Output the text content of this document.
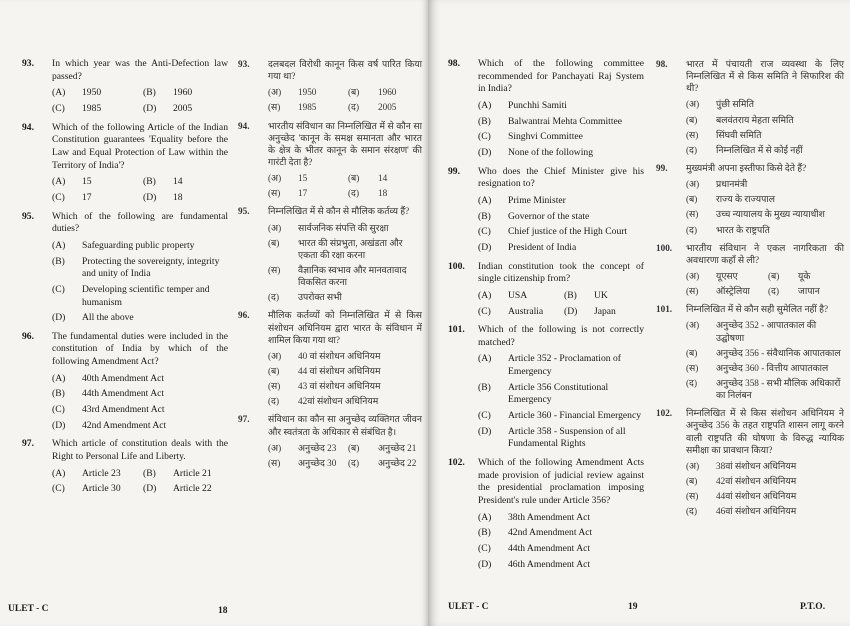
93.	In which year was the Anti-Defection law passed?
(A)	1950	(B)	1960
(C)	1985	(D)	2005
94.	Which of the following Article of the Indian Constitution guarantees 'Equality before the Law and Equal Protection of Law within the Territory of India'?
(A)	15	(B)	14
(C)	17	(D)	18
95.	Which of the following are fundamental duties?
(A)	Safeguarding public property
(B)	Protecting the sovereignty, integrity and unity of India
(C)	Developing scientific temper and humanism
(D)	All the above
96.	The fundamental duties were included in the constitution of India by which of the following Amendment Act?
(A)	40th Amendment Act
(B)	44th Amendment Act
(C)	43rd Amendment Act
(D)	42nd Amendment Act
97.	Which article of constitution deals with the Right to Personal Life and Liberty.
(A)	Article 23 (B)	Article 21
(C)	Article 30 (D)	Article 22
93.	दलबदल विरोधी कानून किस वर्ष पारित किया गया था?
(अ)	1950	(ब)	1960
(स)	1985	(द)	2005
94.	भारतीय संविधान का निम्नलिखित में से कौन सा अनुच्छेद 'कानून के समक्ष समानता और भारत के क्षेत्र के भीतर कानून के समान संरक्षण' की गारंटी देता है?
(अ)	15	(ब)	14
(स)	17	(द)	18
95.	निम्नलिखित में से कौन से मौलिक कर्तव्य हैं?
(अ)	सार्वजनिक संपत्ति की सुरक्षा
(ब)	भारत की संप्रभुता, अखंडता और एकता की रक्षा करना
(स)	वैज्ञानिक स्वभाव और मानवतावाद विकसित करना
(द)	उपरोक्त सभी
96.	मौलिक कर्तव्यों को निम्नलिखित में से किस संशोधन अधिनियम द्वारा भारत के संविधान में शामिल किया गया था?
(अ)	40 वां संशोधन अधिनियम
(ब)	44 वां संशोधन अधिनियम
(स)	43 वां संशोधन अधिनियम
(द)	42वां संशोधन अधिनियम
97.	संविधान का कौन सा अनुच्छेद व्यक्तिगत जीवन और स्वतंत्रता के अधिकार से संबंधित है।
(अ)	अनुच्छेद 23 (ब)	अनुच्छेद 21
(स)	अनुच्छेद 30 (द)	अनुच्छेद 22
ULET - C	18
98.	Which of the following committee recommended for Panchayati Raj System in India?
(A)	Punchhi Samiti
(B)	Balwantrai Mehta Committee
(C)	Singhvi Committee
(D)	None of the following
99.	Who does the Chief Minister give his resignation to?
(A)	Prime Minister
(B)	Governor of the state
(C)	Chief justice of the High Court
(D)	President of India
100.	Indian constitution took the concept of single citizenship from?
(A)	USA	(B)	UK
(C)	Australia (D)	Japan
101.	Which of the following is not correctly matched?
(A)	Article 352 - Proclamation of Emergency
(B)	Article 356 Constitutional Emergency
(C)	Article 360 - Financial Emergency
(D)	Article 358 - Suspension of all Fundamental Rights
102.	Which of the following Amendment Acts made provision of judicial review against the presidential proclamation imposing President's rule under Article 356?
(A)	38th Amendment Act
(B)	42nd Amendment Act
(C)	44th Amendment Act
(D)	46th Amendment Act
98.	भारत में पंचायती राज व्यवस्था के लिए निम्नलिखित में से किस समिति ने सिफारिश की थी?
(अ)	पुंछी समिति
(ब)	बलवंतराय मेहता समिति
(स)	सिंघवी समिति
(द)	निम्नलिखित में से कोई नहीं
99.	मुख्यमंत्री अपना इस्तीफा किसे देते हैं?
(अ)	प्रधानमंत्री
(ब)	राज्य के राज्यपाल
(स)	उच्च न्यायालय के मुख्य न्यायाधीश
(द)	भारत के राष्ट्रपति
100.	भारतीय संविधान ने एकल नागरिकता की अवधारणा कहाँ से ली?
(अ)	यूएसए	(ब)	यूके
(स)	ऑस्ट्रेलिया (द)	जापान
101.	निम्नलिखित में से कौन सही सुमेलित नहीं है?
(अ)	अनुच्छेद 352 - आपातकाल की उद्घोषणा
(ब)	अनुच्छेद 356 - संवैधानिक आपातकाल
(स)	अनुच्छेद 360 - वित्तीय आपातकाल
(द)	अनुच्छेद 358 - सभी मौलिक अधिकारों का निलंबन
102.	निम्नलिखित में से किस संशोधन अधिनियम ने अनुच्छेद 356 के तहत राष्ट्रपति शासन लागू करने वाली राष्ट्रपति की घोषणा के विरुद्ध न्यायिक समीक्षा का प्रावधान किया?
(अ)	38वां संशोधन अधिनियम
(ब)	42वां संशोधन अधिनियम
(स)	44वां संशोधन अधिनियम
(द)	46वां संशोधन अधिनियम
ULET - C	19	P.T.O.
